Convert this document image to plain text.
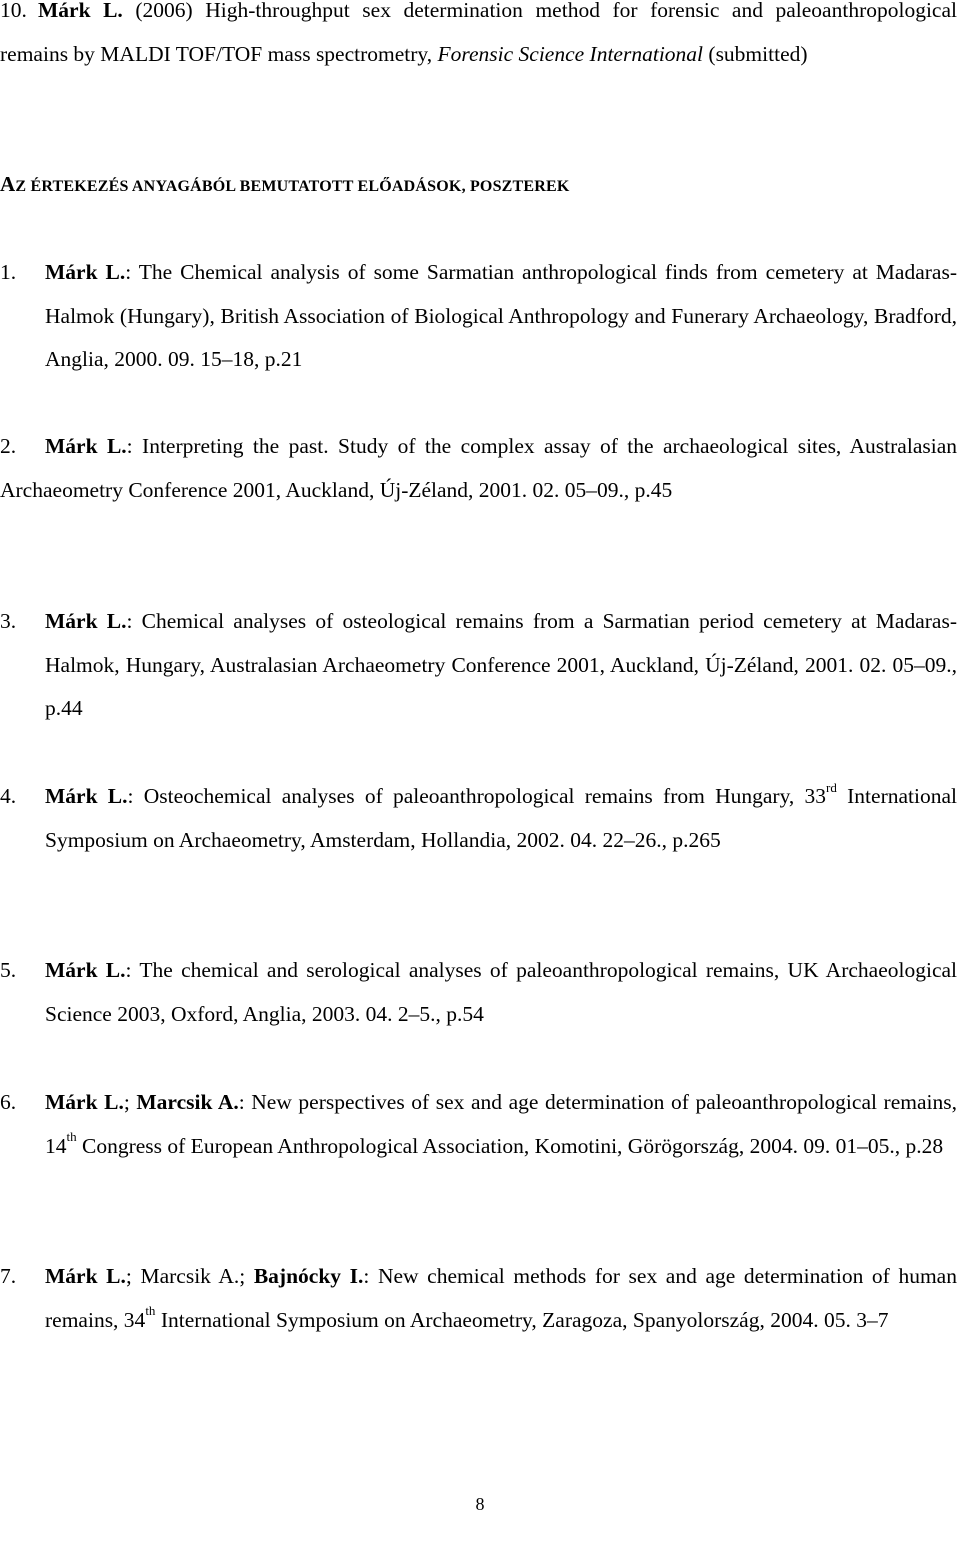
10. Márk L. (2006) High-throughput sex determination method for forensic and paleoanthropological remains by MALDI TOF/TOF mass spectrometry, Forensic Science International (submitted)
AZ ÉRTEKEZÉS ANYAGÁBÓL BEMUTATOTT ELŐADÁSOK, POSZTEREK
1. Márk L.: The Chemical analysis of some Sarmatian anthropological finds from cemetery at Madaras-Halmok (Hungary), British Association of Biological Anthropology and Funerary Archaeology, Bradford, Anglia, 2000. 09. 15–18, p.21
2.	Márk L.: Interpreting the past. Study of the complex assay of the archaeological sites, Australasian Archaeometry Conference 2001, Auckland, Új-Zéland, 2001. 02. 05–09., p.45
3. Márk L.: Chemical analyses of osteological remains from a Sarmatian period cemetery at Madaras-Halmok, Hungary, Australasian Archaeometry Conference 2001, Auckland, Új-Zéland, 2001. 02. 05–09., p.44
4. Márk L.: Osteochemical analyses of paleoanthropological remains from Hungary, 33rd International Symposium on Archaeometry, Amsterdam, Hollandia, 2002. 04. 22–26., p.265
5. Márk L.: The chemical and serological analyses of paleoanthropological remains, UK Archaeological Science 2003, Oxford, Anglia, 2003. 04. 2–5., p.54
6. Márk L.; Marcsik A.: New perspectives of sex and age determination of paleoanthropological remains, 14th Congress of European Anthropological Association, Komotini, Görögország, 2004. 09. 01–05., p.28
7. Márk L.; Marcsik A.; Bajnócky I.: New chemical methods for sex and age determination of human remains, 34th International Symposium on Archaeometry, Zaragoza, Spanyolország, 2004. 05. 3–7
8
